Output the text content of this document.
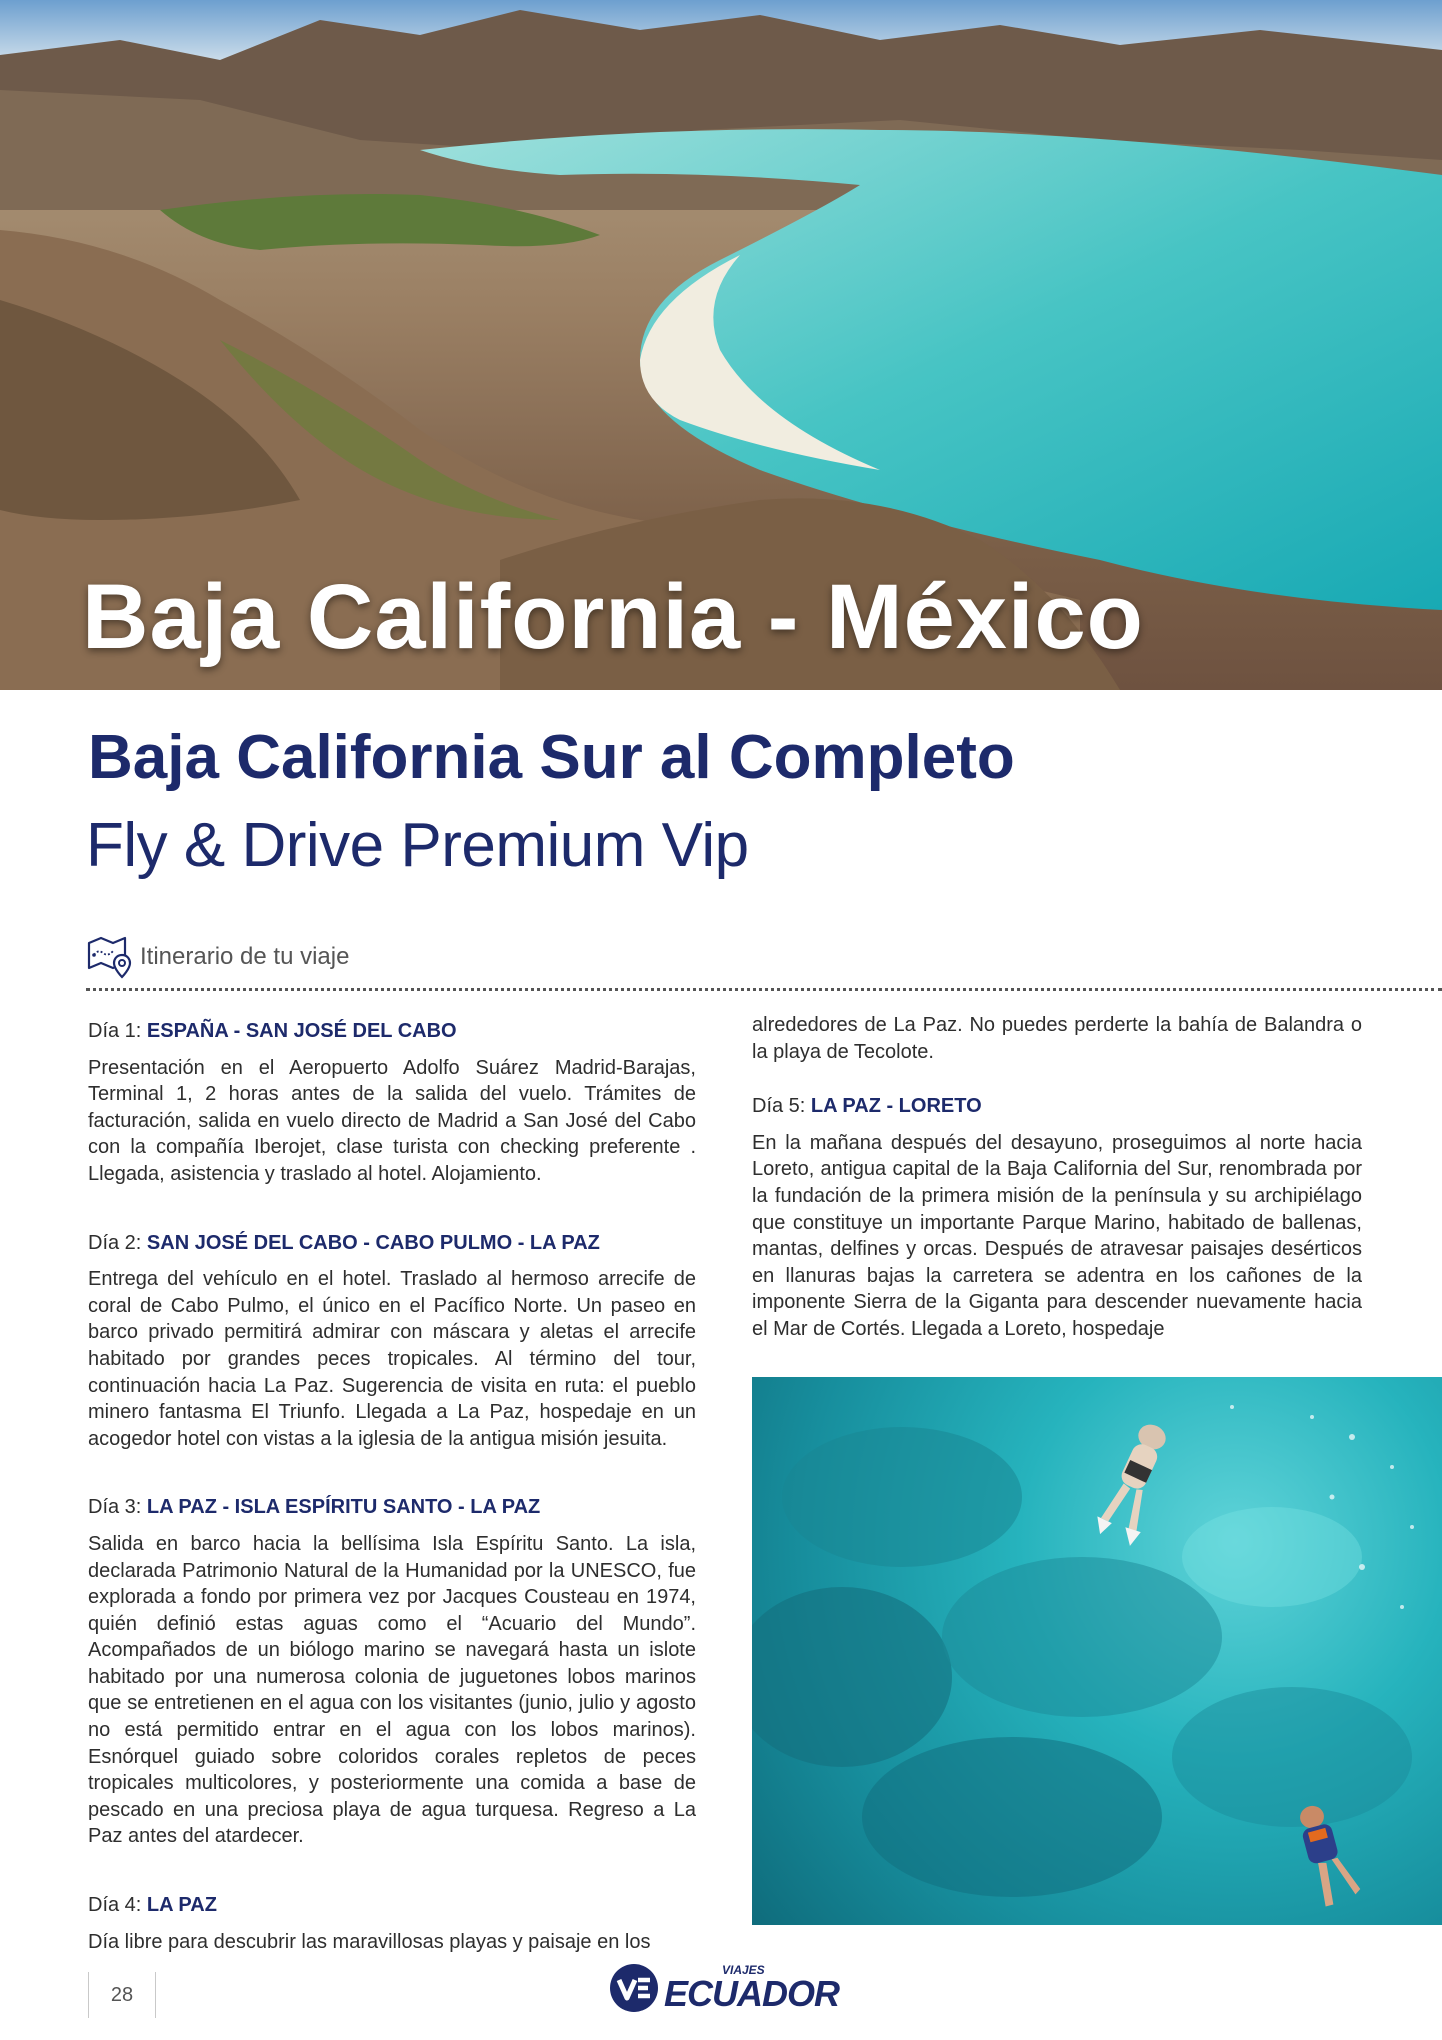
Baja California - México
Baja California Sur al Completo
Fly & Drive Premium Vip
Itinerario de tu viaje
Día 1: ESPAÑA - SAN JOSÉ DEL CABO

Presentación en el Aeropuerto Adolfo Suárez Madrid-Barajas, Terminal 1, 2 horas antes de la salida del vuelo. Trámites de facturación, salida en vuelo directo de Madrid a San José del Cabo con la compañía Iberojet, clase turista con checking preferente . Llegada, asistencia y traslado al hotel. Alojamiento.

Día 2: SAN JOSÉ DEL CABO - CABO PULMO - LA PAZ

Entrega del vehículo en el hotel. Traslado al hermoso arrecife de coral de Cabo Pulmo, el único en el Pacífico Norte. Un paseo en barco privado permitirá admirar con máscara y aletas el arrecife habitado por grandes peces tropicales. Al término del tour, continuación hacia La Paz. Sugerencia de visita en ruta: el pueblo minero fantasma El Triunfo. Llegada a La Paz, hospedaje en un acogedor hotel con vistas a la iglesia de la antigua misión jesuita.

Día 3: LA PAZ - ISLA ESPÍRITU SANTO - LA PAZ

Salida en barco hacia la bellísima Isla Espíritu Santo. La isla, declarada Patrimonio Natural de la Humanidad por la UNESCO, fue explorada a fondo por primera vez por Jacques Cousteau en 1974, quién definió estas aguas como el “Acuario del Mundo”. Acompañados de un biólogo marino se navegará hasta un islote habitado por una numerosa colonia de juguetones lobos marinos que se entretienen en el agua con los visitantes (junio, julio y agosto no está permitido entrar en el agua con los lobos marinos). Esnórquel guiado sobre coloridos corales repletos de peces tropicales multicolores, y posteriormente una comida a base de pescado en una preciosa playa de agua turquesa. Regreso a La Paz antes del atardecer.

Día 4: LA PAZ

Día libre para descubrir las maravillosas playas y paisaje en los

alrededores de La Paz. No puedes perderte la bahía de Balandra o la playa de Tecolote.

Día 5: LA PAZ - LORETO

En la mañana después del desayuno, proseguimos al norte hacia Loreto, antigua capital de la Baja California del Sur, renombrada por la fundación de la primera misión de la península y su archipiélago que constituye un importante Parque Marino, habitado de ballenas, mantas, delfines y orcas. Después de atravesar paisajes desérticos en llanuras bajas la carretera se adentra en los cañones de la imponente Sierra de la Giganta para descender nuevamente hacia el Mar de Cortés. Llegada a Loreto, hospedaje

28
VIAJES
ECUADOR
